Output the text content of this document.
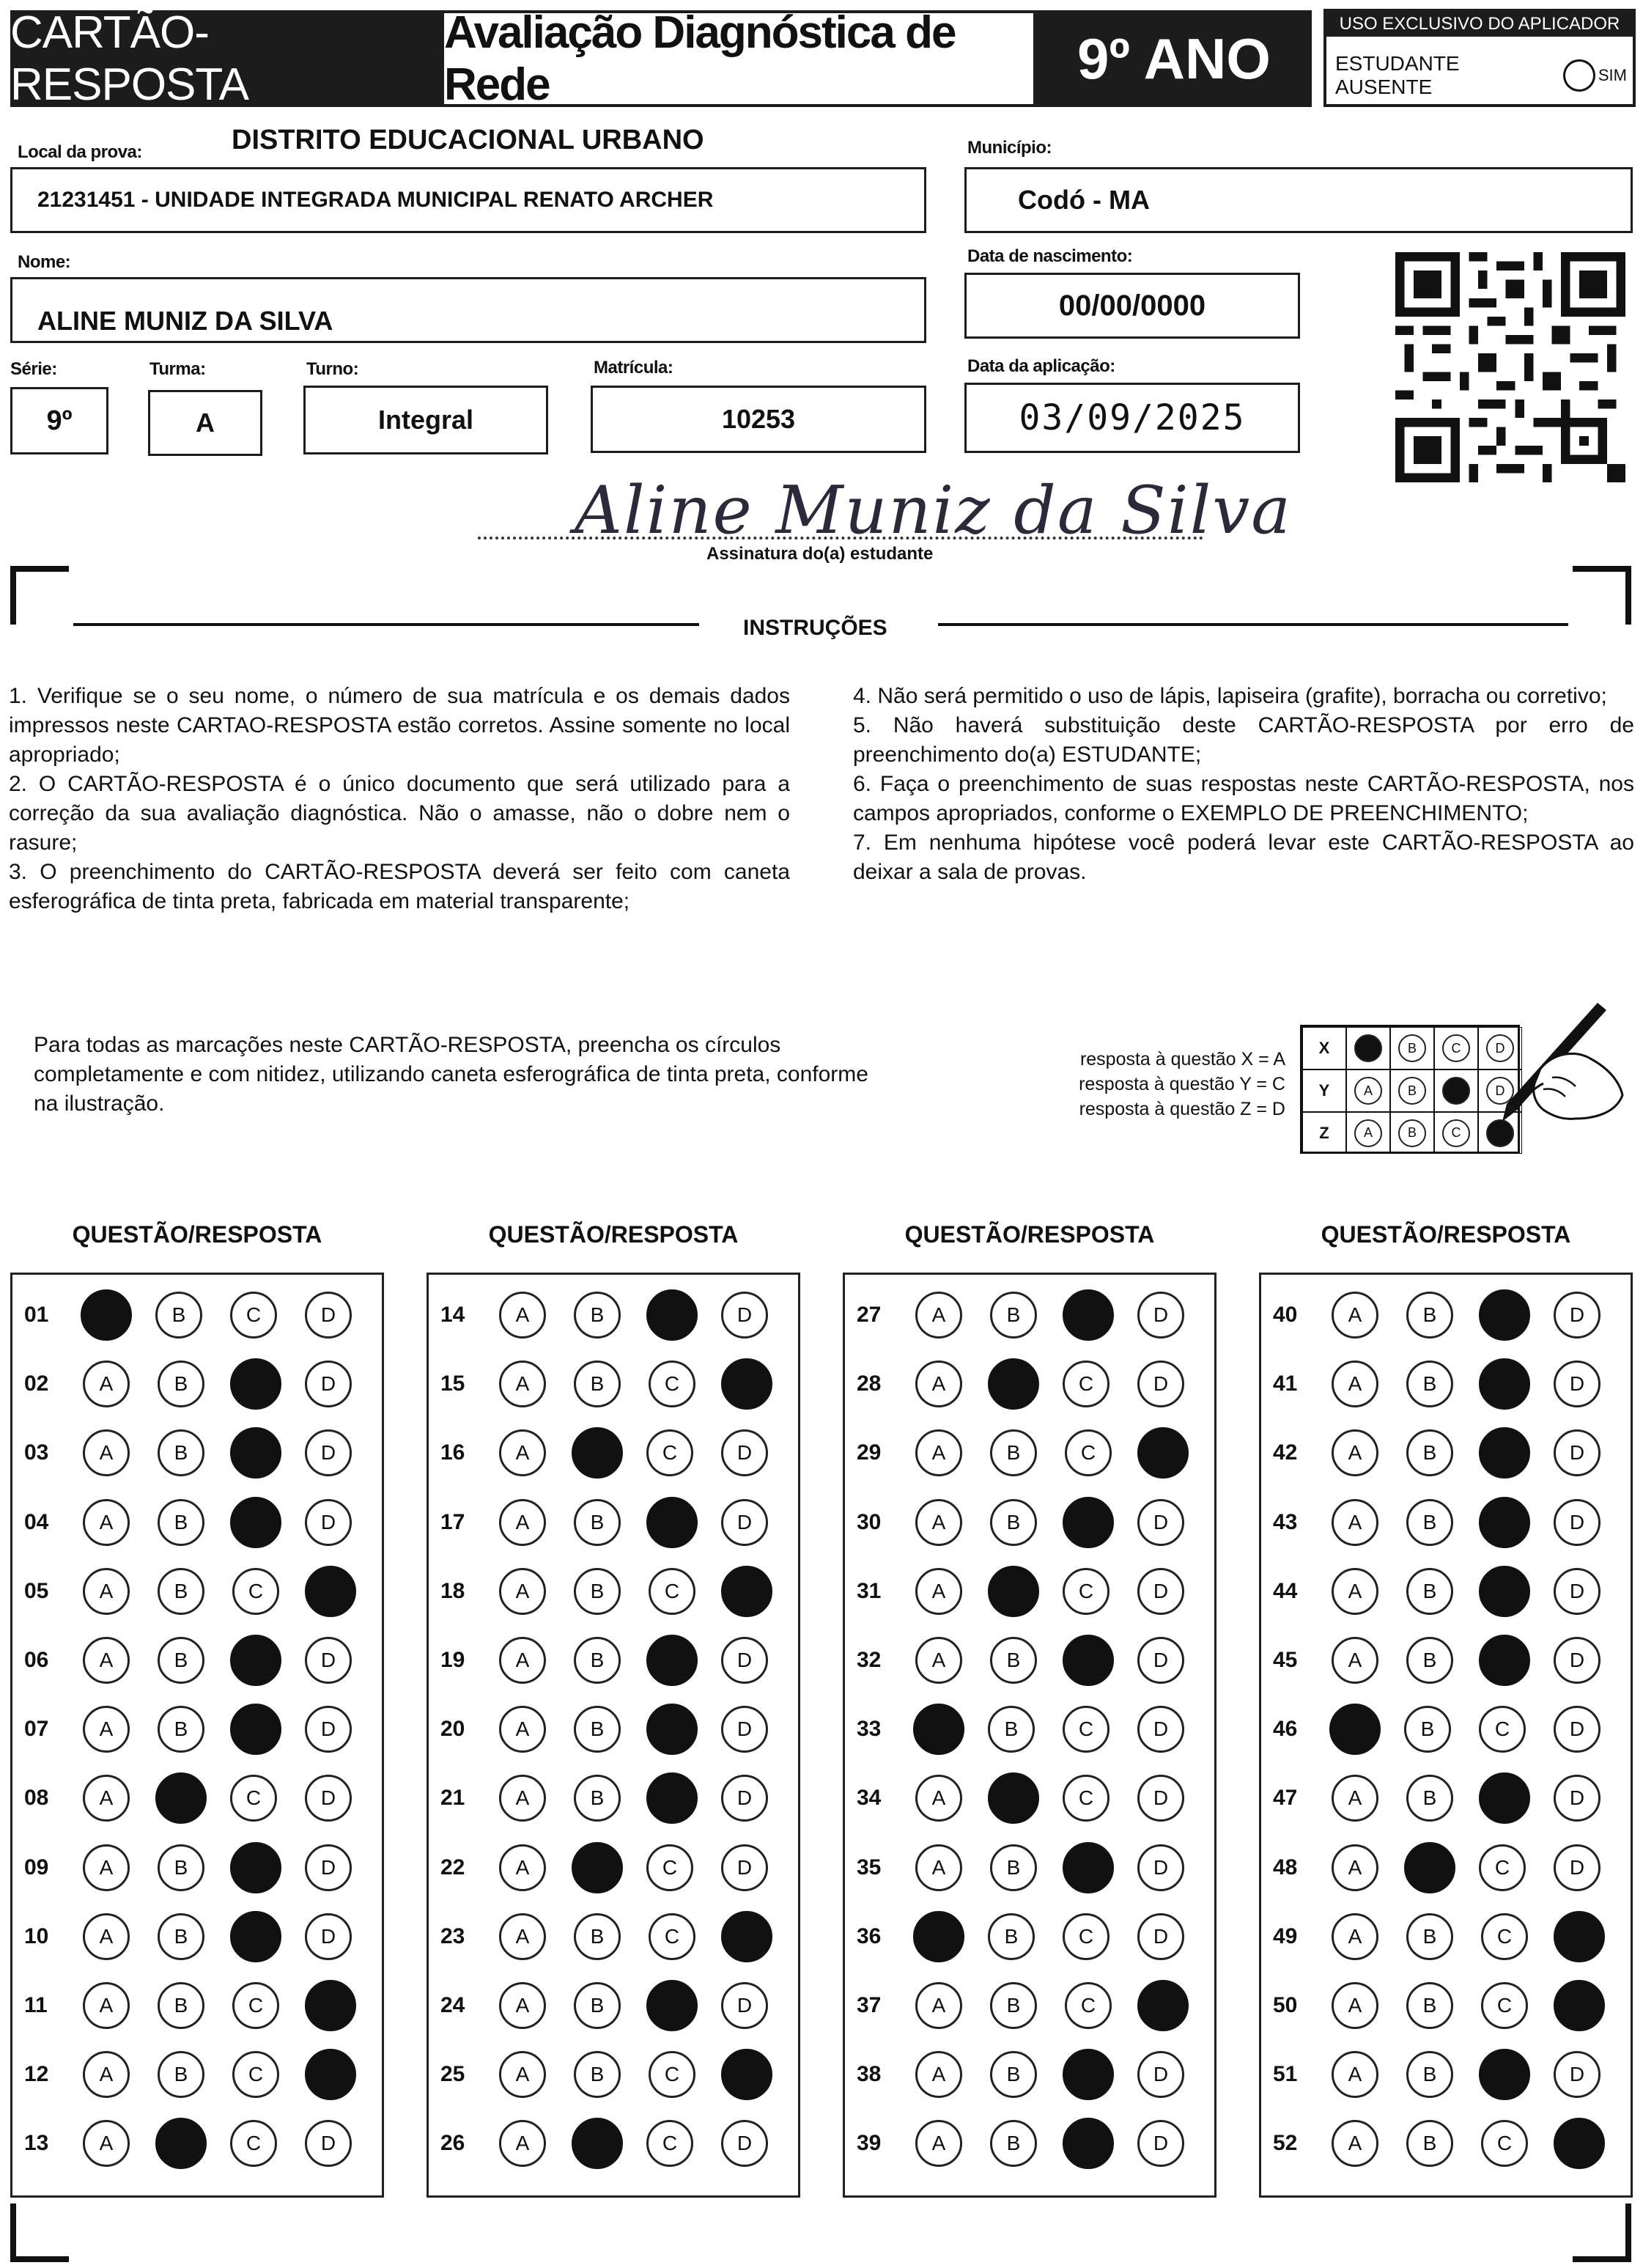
CARTÃO-RESPOSTA
Avaliação Diagnóstica de Rede	9º ANO
USO EXCLUSIVO DO APLICADOR
ESTUDANTE AUSENTE
SIM
Local da prova:	DISTRITO EDUCACIONAL URBANO
21231451 - UNIDADE INTEGRADA MUNICIPAL RENATO ARCHER
Município:
Codó - MA
Nome:
ALINE MUNIZ DA SILVA
Data de nascimento:
00/00/0000
Série:
9º
Turma:
A
Turno:
Integral
Matrícula:
10253
Data da aplicação:
03/09/2025
Aline Muniz da Silva
Assinatura do(a) estudante
INSTRUÇÕES

1. Verifique se o seu nome, o número de sua matrícula e os demais dados impressos neste CARTAO-RESPOSTA estão corretos. Assine somente no local apropriado;

2. O CARTÃO-RESPOSTA é o único documento que será utilizado para a correção da sua avaliação diagnóstica. Não o amasse, não o dobre nem o rasure;

3. O preenchimento do CARTÃO-RESPOSTA deverá ser feito com caneta esferográfica de tinta preta, fabricada em material transparente;

4. Não será permitido o uso de lápis, lapiseira (grafite), borracha ou corretivo;

5. Não haverá substituição deste CARTÃO-RESPOSTA por erro de preenchimento do(a) ESTUDANTE;

6. Faça o preenchimento de suas respostas neste CARTÃO-RESPOSTA, nos campos apropriados, conforme o EXEMPLO DE PREENCHIMENTO;

7. Em nenhuma hipótese você poderá levar este CARTÃO-RESPOSTA ao deixar a sala de provas.

Para todas as marcações neste CARTÃO-RESPOSTA, preencha os círculos completamente e com nitidez, utilizando caneta esferográfica de tinta preta, conforme na ilustração.
resposta à questão X = A
resposta à questão Y = C
resposta à questão Z = D
X	A	B	C	D
Y	A	B	C	D
Z	A	B	C	D
QUESTÃO/RESPOSTA
01	A	B	C	D
02	A	B	C	D
03	A	B	C	D
04	A	B	C	D
05	A	B	C	D
06	A	B	C	D
07	A	B	C	D
08	A	B	C	D
09	A	B	C	D
10	A	B	C	D
11	A	B	C	D
12	A	B	C	D
13	A	B	C	D
QUESTÃO/RESPOSTA
14	A	B	C	D
15	A	B	C	D
16	A	B	C	D
17	A	B	C	D
18	A	B	C	D
19	A	B	C	D
20	A	B	C	D
21	A	B	C	D
22	A	B	C	D
23	A	B	C	D
24	A	B	C	D
25	A	B	C	D
26	A	B	C	D
QUESTÃO/RESPOSTA
27	A	B	C	D
28	A	B	C	D
29	A	B	C	D
30	A	B	C	D
31	A	B	C	D
32	A	B	C	D
33	A	B	C	D
34	A	B	C	D
35	A	B	C	D
36	A	B	C	D
37	A	B	C	D
38	A	B	C	D
39	A	B	C	D
QUESTÃO/RESPOSTA
40	A	B	C	D
41	A	B	C	D
42	A	B	C	D
43	A	B	C	D
44	A	B	C	D
45	A	B	C	D
46	A	B	C	D
47	A	B	C	D
48	A	B	C	D
49	A	B	C	D
50	A	B	C	D
51	A	B	C	D
52	A	B	C	D
